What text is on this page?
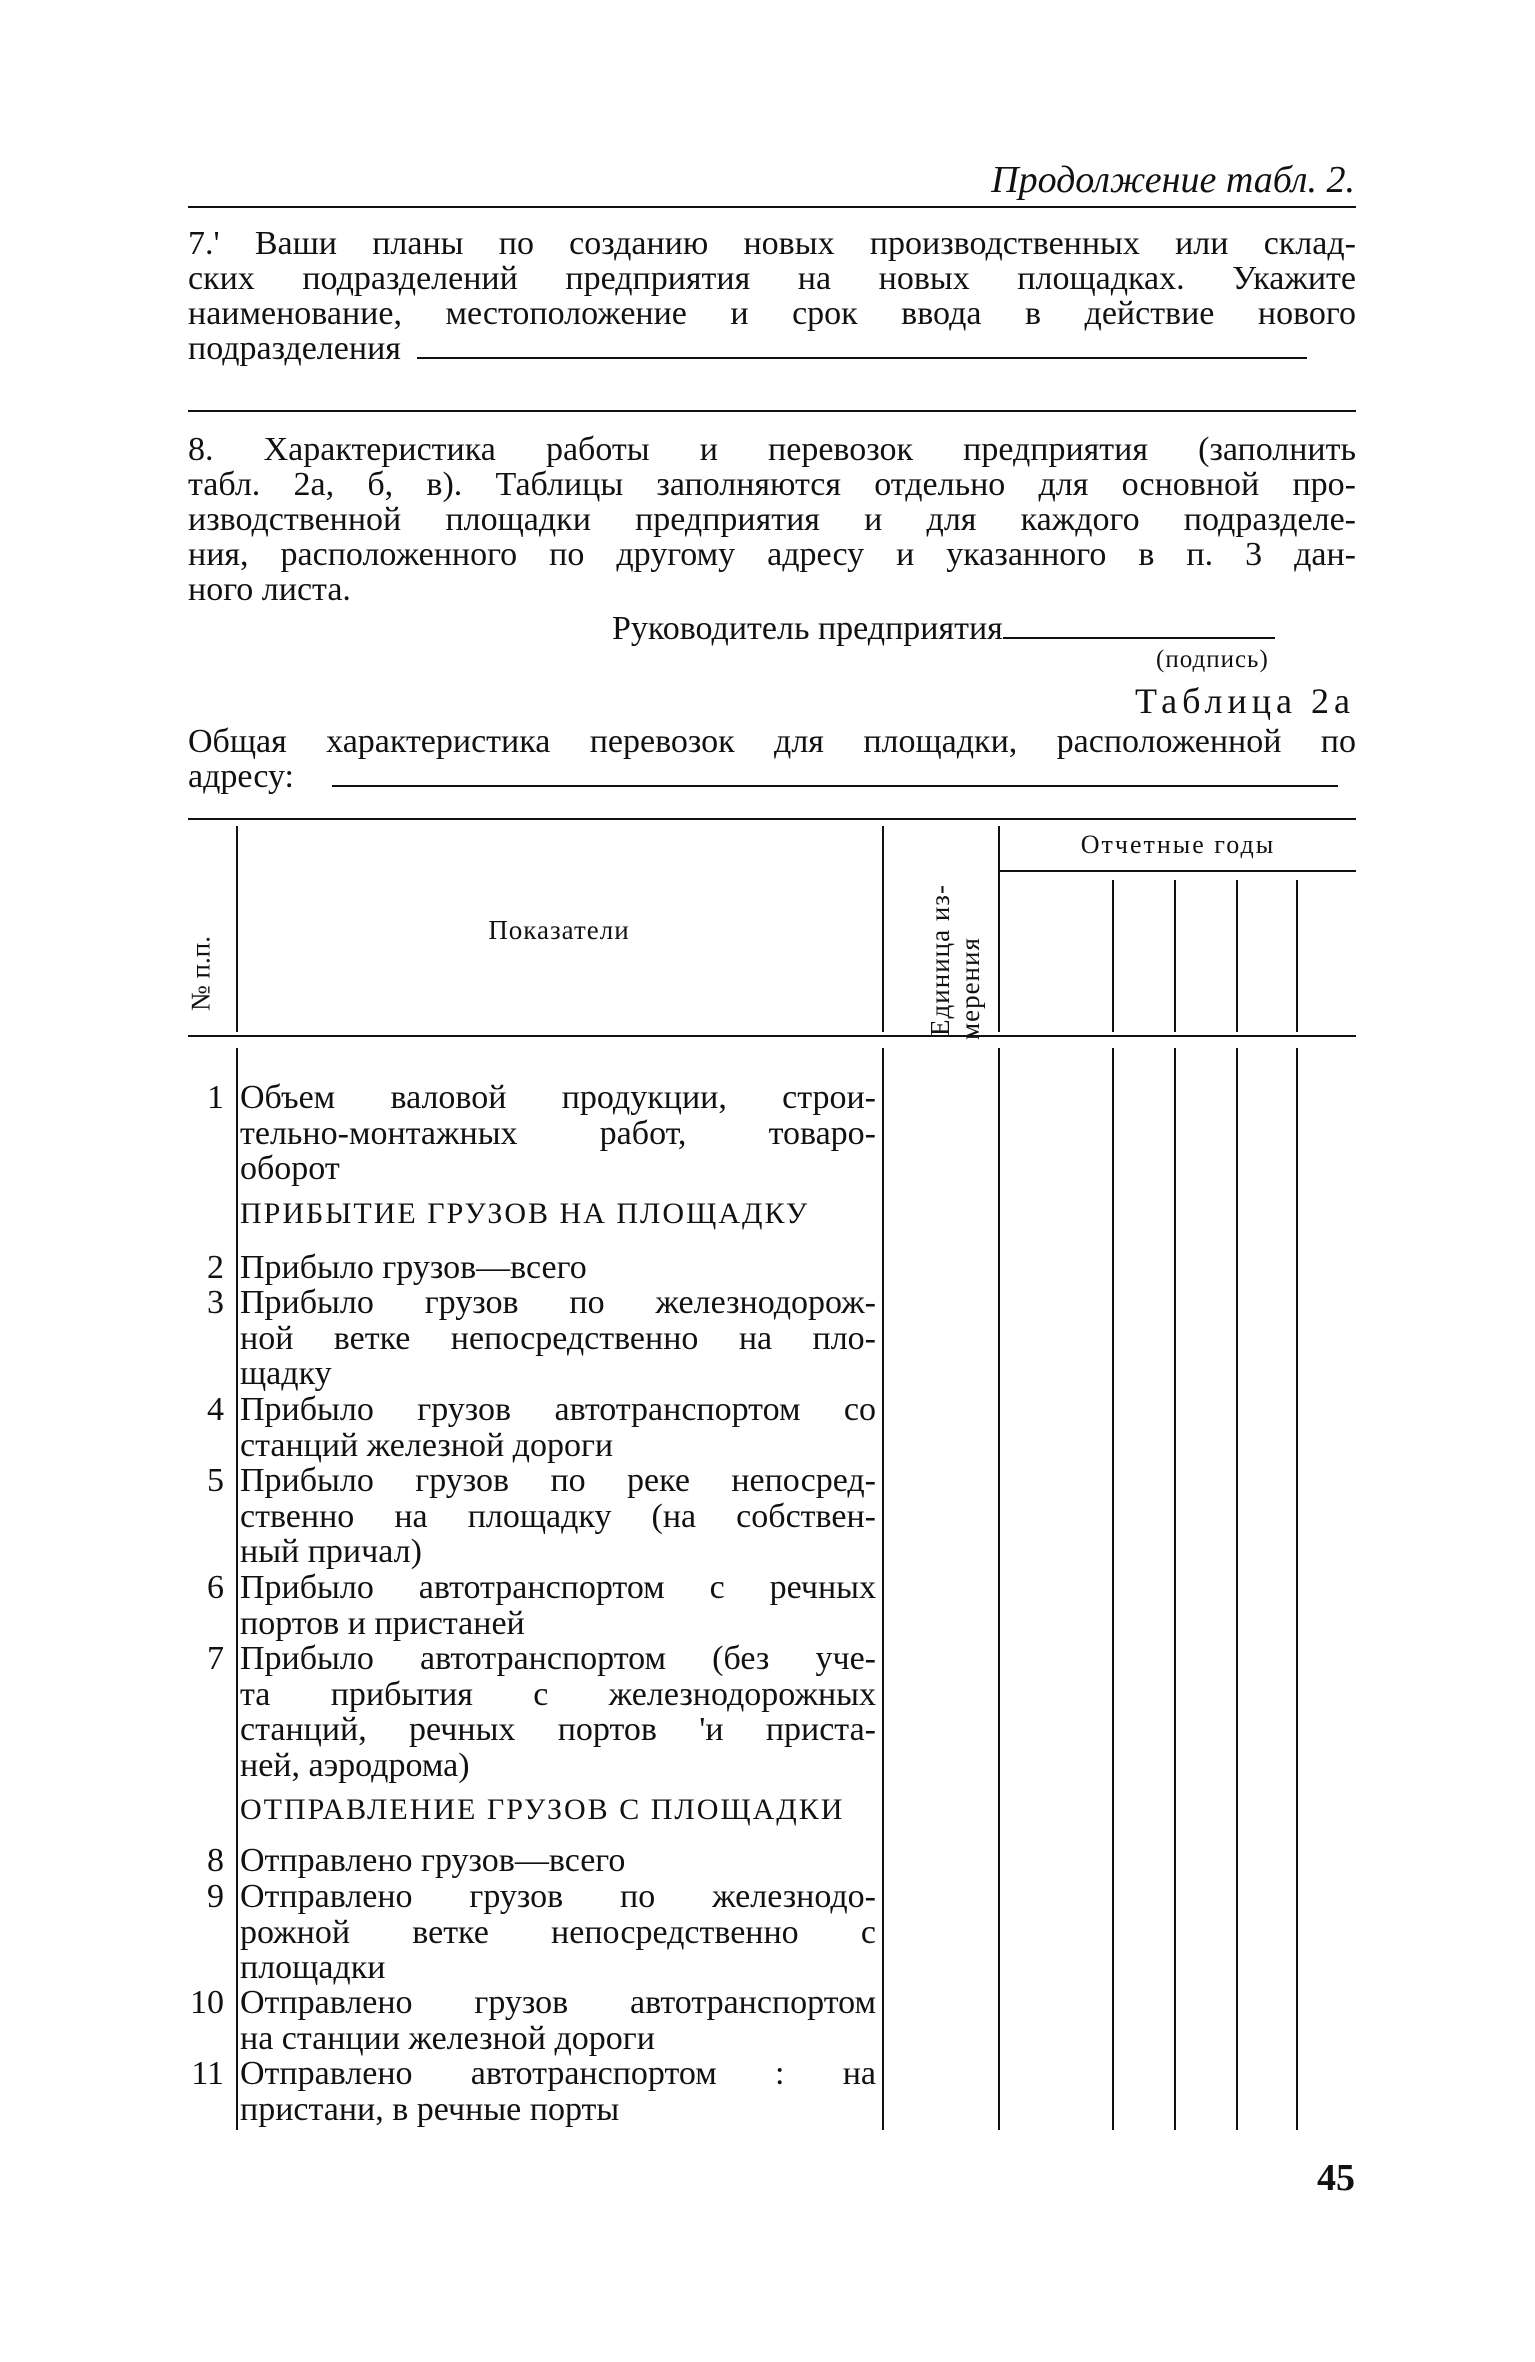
Продолжение табл. 2.
7.' Ваши планы по созданию новых производственных или склад-
ских подразделений предприятия на новых площадках. Укажите
наименование, местоположение и срок ввода в действие нового
подразделения
8. Характеристика работы и перевозок предприятия (заполнить
табл. 2а, б, в). Таблицы заполняются отдельно для основной про-
изводственной площадки предприятия и для каждого подразделе-
ния, расположенного по другому адресу и указанного в п. 3 дан-
ного листа.
Руководитель предприятия
(подпись)
Таблица 2а
Общая характеристика перевозок для площадки, расположенной по
адресу:
№ п.п.
Показатели	Единица из- мерения
Отчетные годы
1 Объем валовой продукции, строи-
тельно-монтажных работ, товаро-
оборот
ПРИБЫТИЕ ГРУЗОВ НА ПЛОЩАДКУ
2 Прибыло грузов—всего
3 Прибыло грузов по железнодорож-
ной ветке непосредственно на пло-
щадку
4 Прибыло грузов автотранспортом со
станций железной дороги
5 Прибыло грузов по реке непосред-
ственно на площадку (на собствен-
ный причал)
6 Прибыло автотранспортом с речных
портов и пристаней
7 Прибыло автотранспортом (без уче-
та прибытия с железнодорожных
станций, речных портов 'и приста-
ней, аэродрома)
ОТПРАВЛЕНИЕ ГРУЗОВ С ПЛОЩАДКИ
8 Отправлено грузов—всего
9 Отправлено грузов по железнодо-
рожной ветке непосредственно с
площадки
10 Отправлено грузов автотранспортом
на станции железной дороги
11 Отправлено автотранспортом : на
пристани, в речные порты
45
